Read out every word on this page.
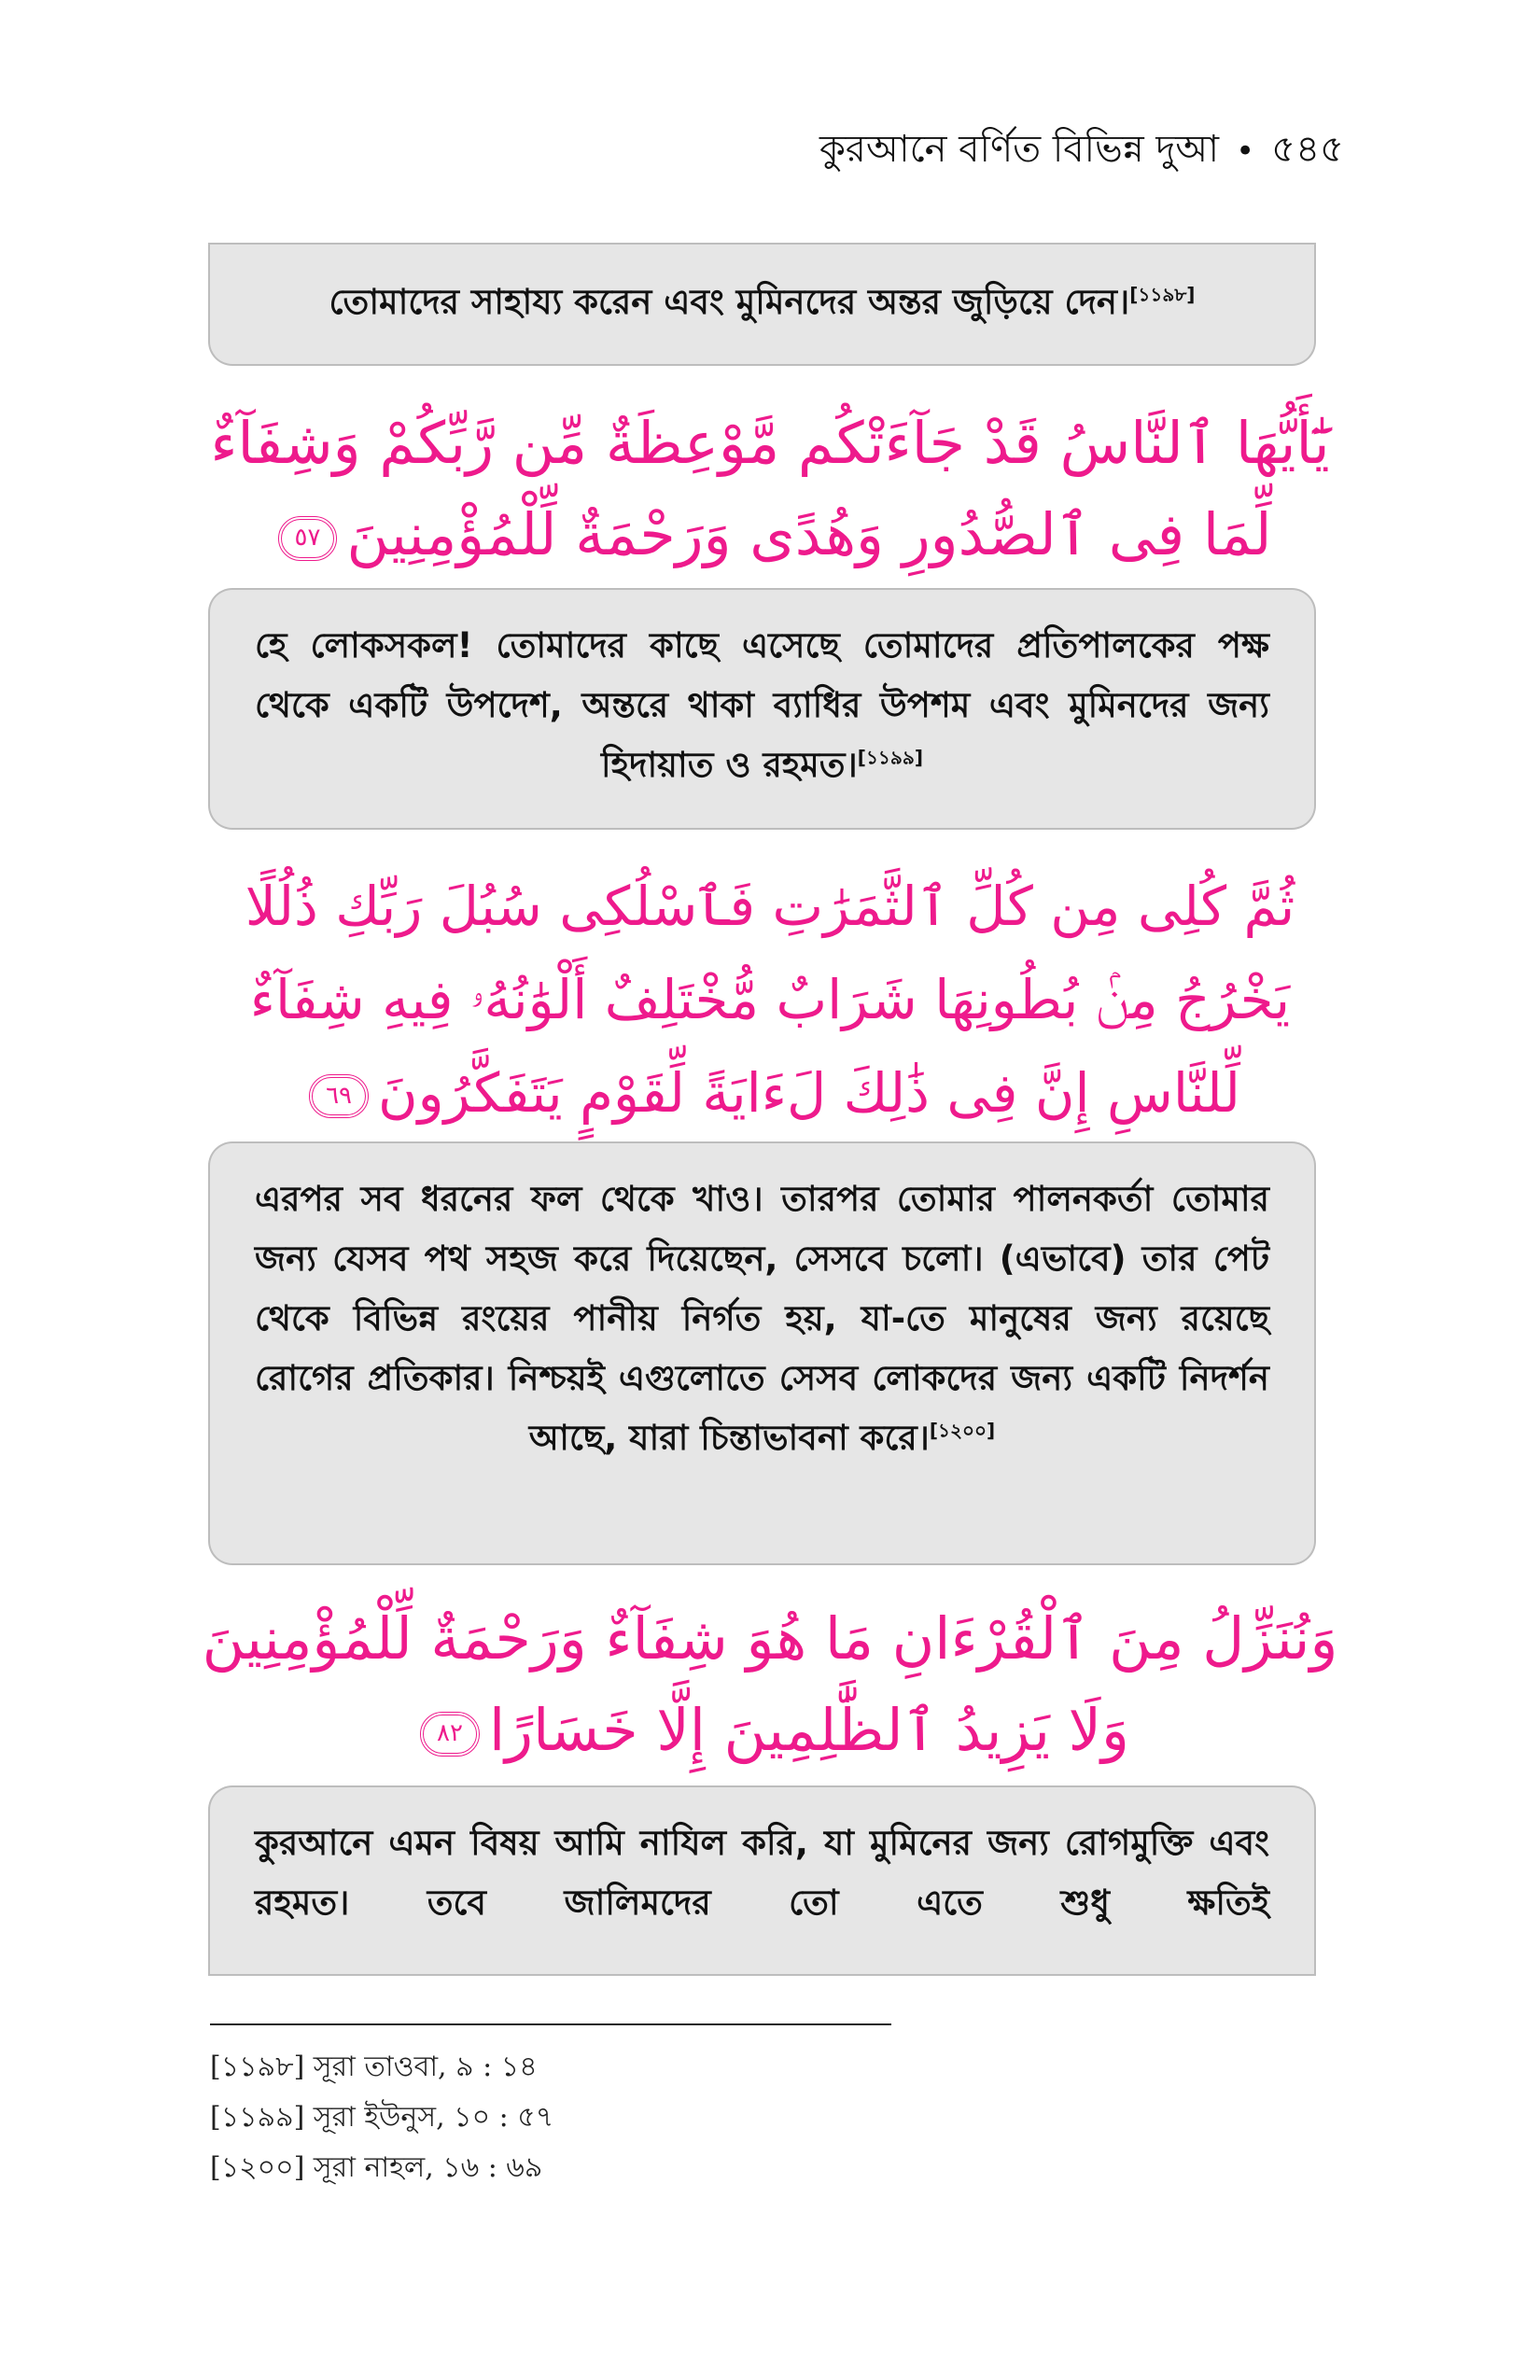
কুরআনে বর্ণিত বিভিন্ন দুআ • ৫৪৫
তোমাদের সাহায্য করেন এবং মুমিনদের অন্তর জুড়িয়ে দেন।[১১৯৮]
يَٰٓأَيُّهَا ٱلنَّاسُ قَدْ جَآءَتْكُم مَّوْعِظَةٌ مِّن رَّبِّكُمْ وَشِفَآءٌ
لِّمَا فِى ٱلصُّدُورِ وَهُدًى وَرَحْمَةٌ لِّلْمُؤْمِنِينَ٥٧
হে লোকসকল! তোমাদের কাছে এসেছে তোমাদের প্রতিপালকের পক্ষ থেকে একটি উপদেশ, অন্তরে থাকা ব্যাধির উপশম এবং মুমিনদের জন্য হিদায়াত ও রহমত।[১১৯৯]
ثُمَّ كُلِى مِن كُلِّ ٱلثَّمَرَٰتِ فَٱسْلُكِى سُبُلَ رَبِّكِ ذُلُلًا
يَخْرُجُ مِنۢ بُطُونِهَا شَرَابٌ مُّخْتَلِفٌ أَلْوَٰنُهُۥ فِيهِ شِفَآءٌ
لِّلنَّاسِ إِنَّ فِى ذَٰلِكَ لَءَايَةً لِّقَوْمٍ يَتَفَكَّرُونَ٦٩
এরপর সব ধরনের ফল থেকে খাও। তারপর তোমার পালনকর্তা তোমার জন্য যেসব পথ সহজ করে দিয়েছেন, সেসবে চলো। (এভাবে) তার পেট থেকে বিভিন্ন রংয়ের পানীয় নির্গত হয়, যা-তে মানুষের জন্য রয়েছে রোগের প্রতিকার। নিশ্চয়ই এগুলোতে সেসব লোকদের জন্য একটি নিদর্শন আছে, যারা চিন্তাভাবনা করে।[১২০০]
وَنُنَزِّلُ مِنَ ٱلْقُرْءَانِ مَا هُوَ شِفَآءٌ وَرَحْمَةٌ لِّلْمُؤْمِنِينَ
وَلَا يَزِيدُ ٱلظَّٰلِمِينَ إِلَّا خَسَارًا٨٢
কুরআনে এমন বিষয় আমি নাযিল করি, যা মুমিনের জন্য রোগমুক্তি এবং রহমত। তবে জালিমদের তো এতে শুধু ক্ষতিই
[১১৯৮] সূরা তাওবা, ৯ : ১৪
[১১৯৯] সূরা ইউনুস, ১০ : ৫৭
[১২০০] সূরা নাহল, ১৬ : ৬৯
